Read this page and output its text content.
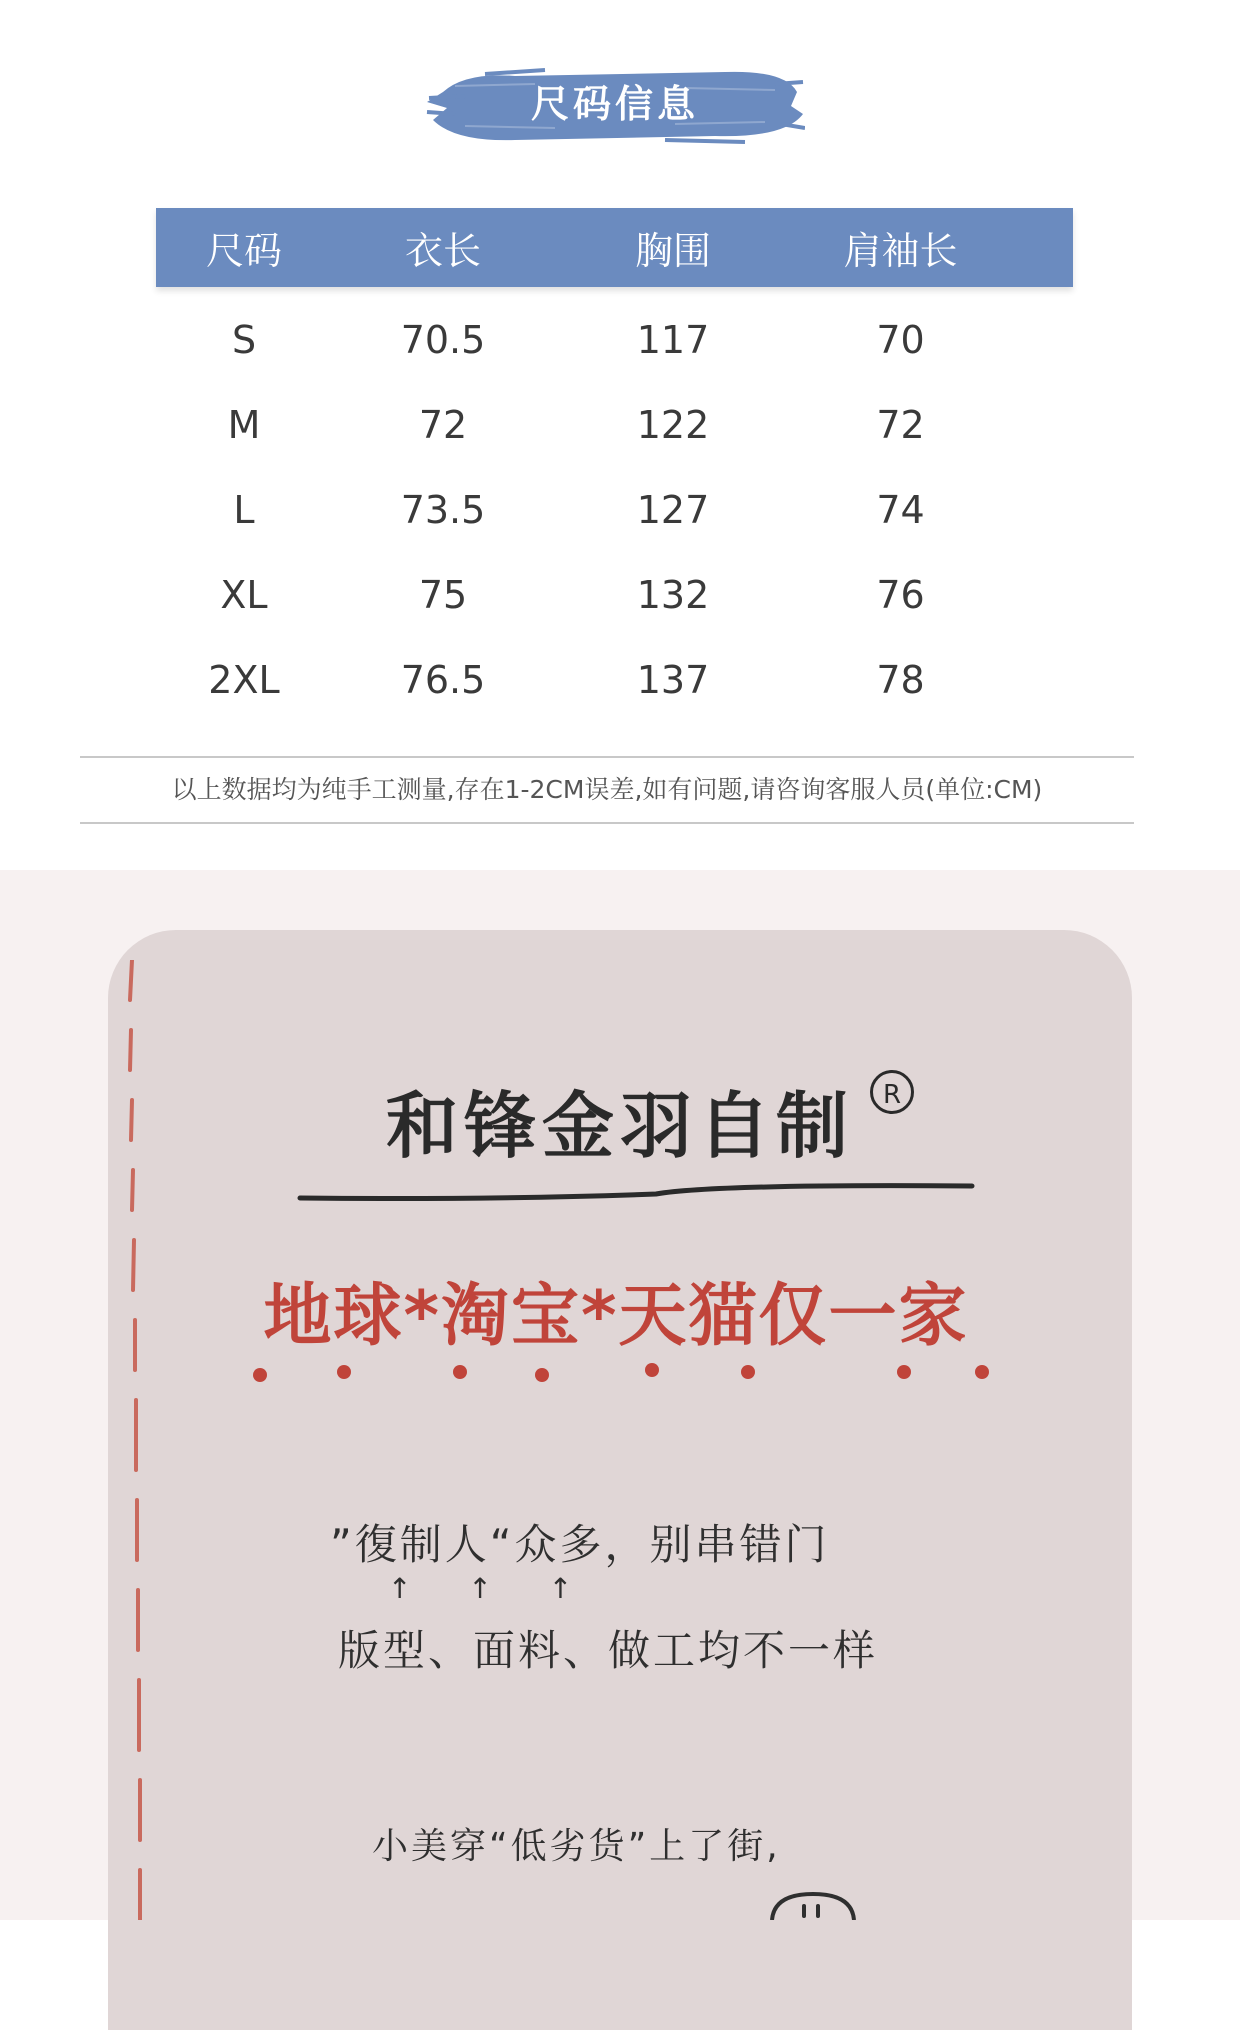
尺码信息
尺码	衣长	胸围	肩袖长
S	70.5	117	70
M	72	122	72
L	73.5	127	74
XL	75	132	76
2XL	76.5	137	78
以上数据均为纯手工测量,存在1-2CM误差,如有问题,请咨询客服人员(单位:CM)
和锋金羽自制	R
地球*淘宝*天猫仅一家
”復制人“众多，别串错门
↑ ↑ ↑
版型、面料、做工均不一样
小美穿“低劣货”上了街,
